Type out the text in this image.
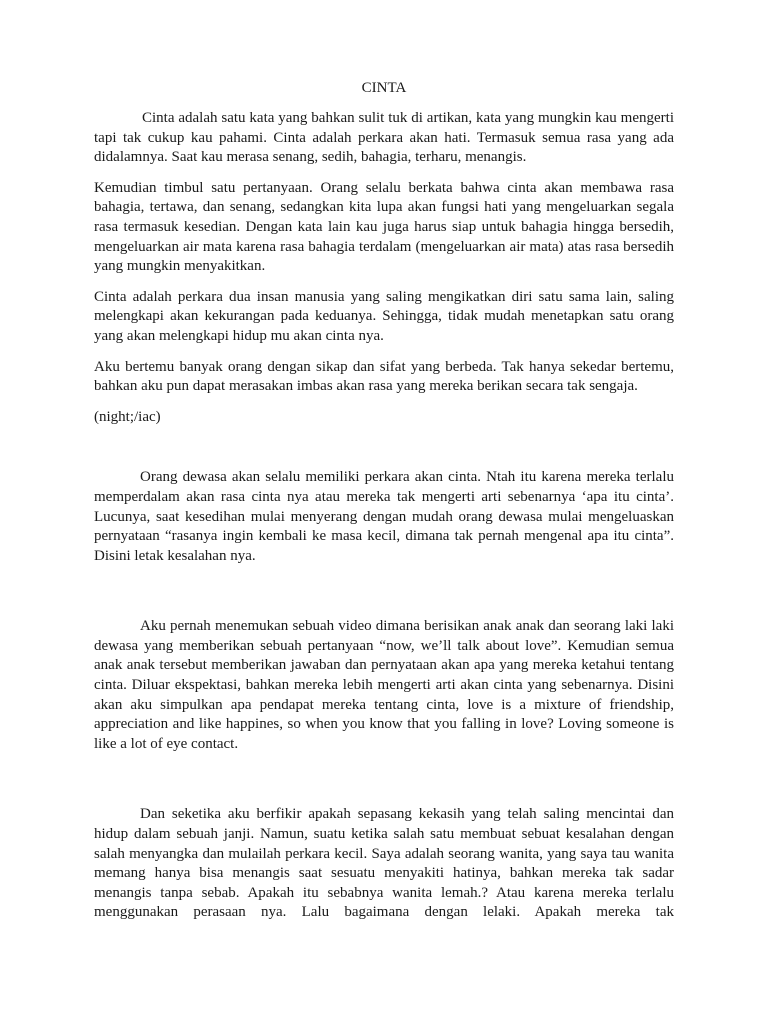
CINTA

Cinta adalah satu kata yang bahkan sulit tuk di artikan, kata yang mungkin kau mengerti tapi tak cukup kau pahami. Cinta adalah perkara akan hati. Termasuk semua rasa yang ada didalamnya. Saat kau merasa senang, sedih, bahagia, terharu, menangis.

Kemudian timbul satu pertanyaan. Orang selalu berkata bahwa cinta akan membawa rasa bahagia, tertawa, dan senang, sedangkan kita lupa akan fungsi hati yang mengeluarkan segala rasa termasuk kesedian. Dengan kata lain kau juga harus siap untuk bahagia hingga bersedih, mengeluarkan air mata karena rasa bahagia terdalam (mengeluarkan air mata) atas rasa bersedih yang mungkin menyakitkan.

Cinta adalah perkara dua insan manusia yang saling mengikatkan diri satu sama lain, saling melengkapi akan kekurangan pada keduanya. Sehingga, tidak mudah menetapkan satu orang yang akan melengkapi hidup mu akan cinta nya.

Aku bertemu banyak orang dengan sikap dan sifat yang berbeda. Tak hanya sekedar bertemu, bahkan aku pun dapat merasakan imbas akan rasa yang mereka berikan secara tak sengaja.

(night;/iac)

Orang dewasa akan selalu memiliki perkara akan cinta. Ntah itu karena mereka terlalu memperdalam akan rasa cinta nya atau mereka tak mengerti arti sebenarnya ‘apa itu cinta’. Lucunya, saat kesedihan mulai menyerang dengan mudah orang dewasa mulai mengeluaskan pernyataan “rasanya ingin kembali ke masa kecil, dimana tak pernah mengenal apa itu cinta”. Disini letak kesalahan nya.

Aku pernah menemukan sebuah video dimana berisikan anak anak dan seorang laki laki dewasa yang memberikan sebuah pertanyaan “now, we’ll talk about love”. Kemudian semua anak anak tersebut memberikan jawaban dan pernyataan akan apa yang mereka ketahui tentang cinta. Diluar ekspektasi, bahkan mereka lebih mengerti arti akan cinta yang sebenarnya. Disini akan aku simpulkan apa pendapat mereka tentang cinta, love is a mixture of friendship, appreciation and like happines, so when you know that you falling in love? Loving someone is like a lot of eye contact.

Dan seketika aku berfikir apakah sepasang kekasih yang telah saling mencintai dan hidup dalam sebuah janji. Namun, suatu ketika salah satu membuat sebuat kesalahan dengan salah menyangka dan mulailah perkara kecil. Saya adalah seorang wanita, yang saya tau wanita memang hanya bisa menangis saat sesuatu menyakiti hatinya, bahkan mereka tak sadar menangis tanpa sebab. Apakah itu sebabnya wanita lemah.? Atau karena mereka terlalu menggunakan perasaan nya. Lalu bagaimana dengan lelaki. Apakah mereka tak
